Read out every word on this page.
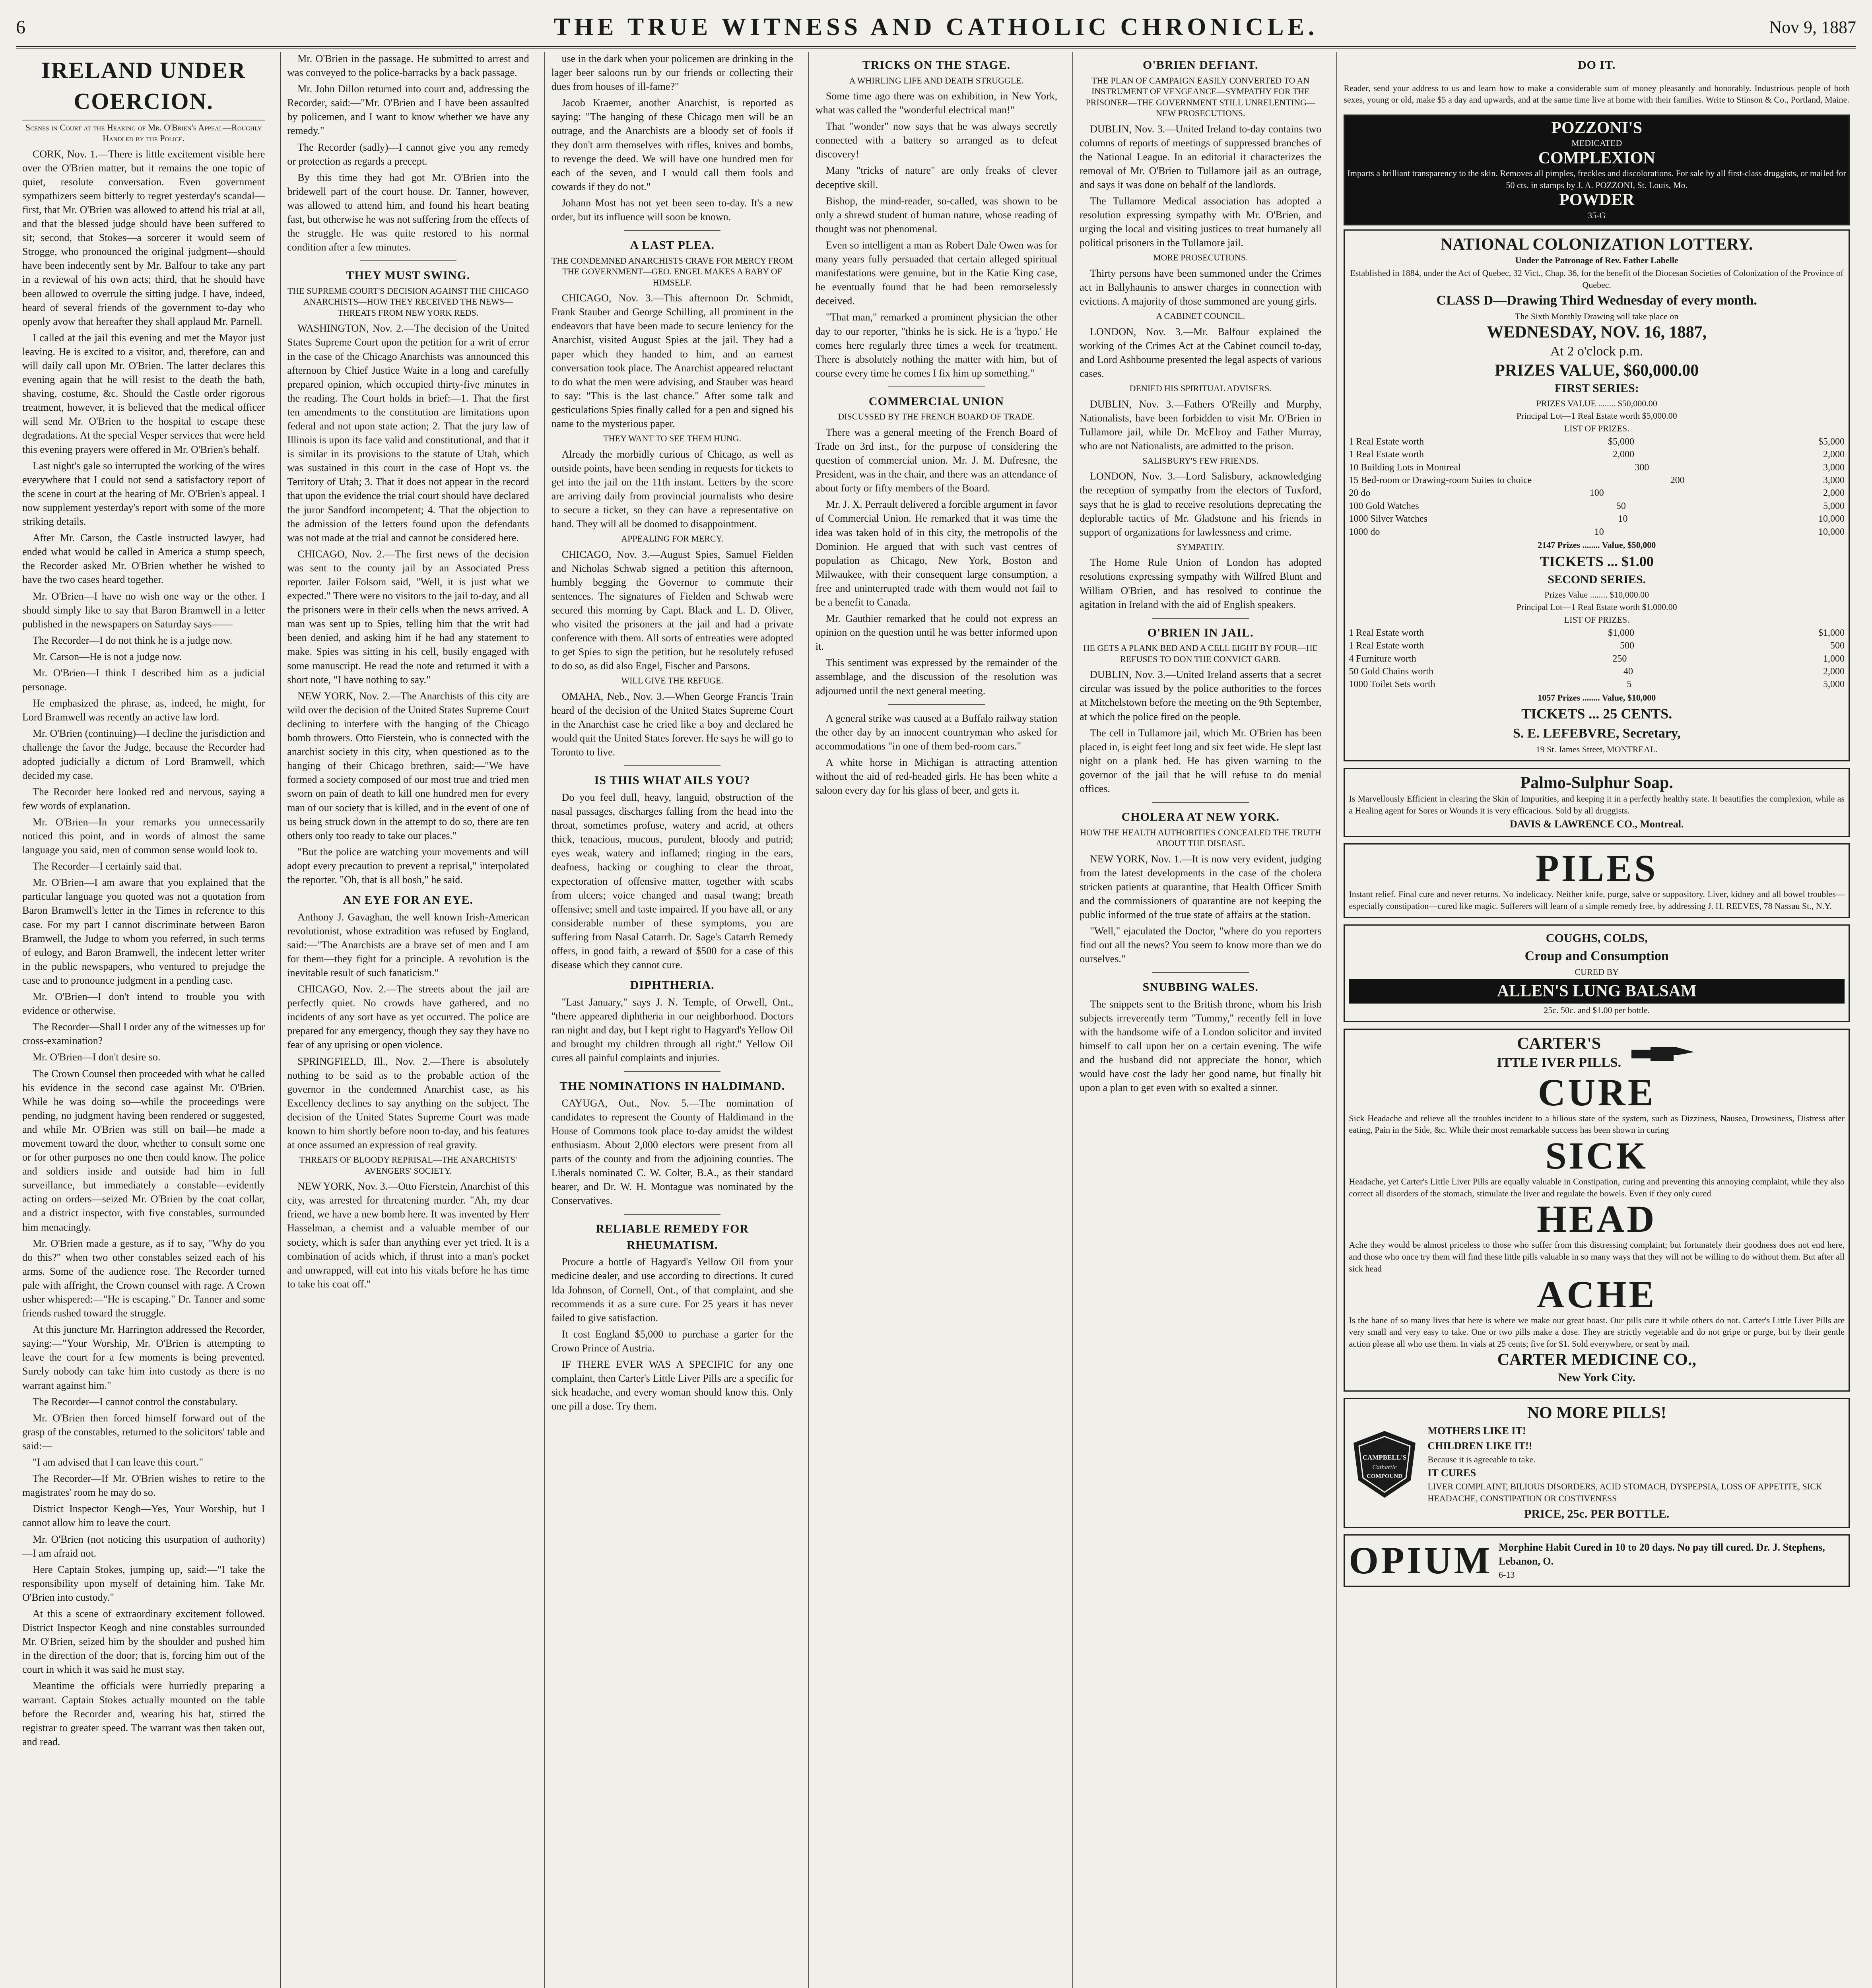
6	THE TRUE WITNESS AND CATHOLIC CHRONICLE.	Nov 9, 1887
IRELAND UNDER COERCION.
Scenes in Court at the Hearing of Mr. O'Brien's Appeal—Roughly Handled by the Police.

CORK, Nov. 1.—There is little excitement visible here over the O'Brien matter, but it remains the one topic of quiet, resolute conversation. Even government sympathizers seem bitterly to regret yesterday's scandal—first, that Mr. O'Brien was allowed to attend his trial at all, and that the blessed judge should have been suffered to sit; second, that Stokes—a sorcerer it would seem of Strogge, who pronounced the original judgment—should have been indecently sent by Mr. Balfour to take any part in a reviewal of his own acts; third, that he should have been allowed to overrule the sitting judge. I have, indeed, heard of several friends of the government to-day who openly avow that hereafter they shall applaud Mr. Parnell.

I called at the jail this evening and met the Mayor just leaving. He is excited to a visitor, and, therefore, can and will daily call upon Mr. O'Brien. The latter declares this evening again that he will resist to the death the bath, shaving, costume, &c. Should the Castle order rigorous treatment, however, it is believed that the medical officer will send Mr. O'Brien to the hospital to escape these degradations. At the special Vesper services that were held this evening prayers were offered in Mr. O'Brien's behalf.

Last night's gale so interrupted the working of the wires everywhere that I could not send a satisfactory report of the scene in court at the hearing of Mr. O'Brien's appeal. I now supplement yesterday's report with some of the more striking details.

After Mr. Carson, the Castle instructed lawyer, had ended what would be called in America a stump speech, the Recorder asked Mr. O'Brien whether he wished to have the two cases heard together.

Mr. O'Brien—I have no wish one way or the other. I should simply like to say that Baron Bramwell in a letter published in the newspapers on Saturday says——

The Recorder—I do not think he is a judge now.

Mr. Carson—He is not a judge now.

Mr. O'Brien—I think I described him as a judicial personage.

He emphasized the phrase, as, indeed, he might, for Lord Bramwell was recently an active law lord.

Mr. O'Brien (continuing)—I decline the jurisdiction and challenge the favor the Judge, because the Recorder had adopted judicially a dictum of Lord Bramwell, which decided my case.

The Recorder here looked red and nervous, saying a few words of explanation.

Mr. O'Brien—In your remarks you unnecessarily noticed this point, and in words of almost the same language you said, men of common sense would look to.

The Recorder—I certainly said that.

Mr. O'Brien—I am aware that you explained that the particular language you quoted was not a quotation from Baron Bramwell's letter in the Times in reference to this case. For my part I cannot discriminate between Baron Bramwell, the Judge to whom you referred, in such terms of eulogy, and Baron Bramwell, the indecent letter writer in the public newspapers, who ventured to prejudge the case and to pronounce judgment in a pending case.

Mr. O'Brien—I don't intend to trouble you with evidence or otherwise.

The Recorder—Shall I order any of the witnesses up for cross-examination?

Mr. O'Brien—I don't desire so.

The Crown Counsel then proceeded with what he called his evidence in the second case against Mr. O'Brien. While he was doing so—while the proceedings were pending, no judgment having been rendered or suggested, and while Mr. O'Brien was still on bail—he made a movement toward the door, whether to consult some one or for other purposes no one then could know. The police and soldiers inside and outside had him in full surveillance, but immediately a constable—evidently acting on orders—seized Mr. O'Brien by the coat collar, and a district inspector, with five constables, surrounded him menacingly.

Mr. O'Brien made a gesture, as if to say, "Why do you do this?" when two other constables seized each of his arms. Some of the audience rose. The Recorder turned pale with affright, the Crown counsel with rage. A Crown usher whispered:—"He is escaping." Dr. Tanner and some friends rushed toward the struggle.

At this juncture Mr. Harrington addressed the Recorder, saying:—"Your Worship, Mr. O'Brien is attempting to leave the court for a few moments is being prevented. Surely nobody can take him into custody as there is no warrant against him."

The Recorder—I cannot control the constabulary.

Mr. O'Brien then forced himself forward out of the grasp of the constables, returned to the solicitors' table and said:—

"I am advised that I can leave this court."

The Recorder—If Mr. O'Brien wishes to retire to the magistrates' room he may do so.

District Inspector Keogh—Yes, Your Worship, but I cannot allow him to leave the court.

Mr. O'Brien (not noticing this usurpation of authority)—I am afraid not.

Here Captain Stokes, jumping up, said:—"I take the responsibility upon myself of detaining him. Take Mr. O'Brien into custody."

At this a scene of extraordinary excitement followed. District Inspector Keogh and nine constables surrounded Mr. O'Brien, seized him by the shoulder and pushed him in the direction of the door; that is, forcing him out of the court in which it was said he must stay.

Meantime the officials were hurriedly preparing a warrant. Captain Stokes actually mounted on the table before the Recorder and, wearing his hat, stirred the registrar to greater speed. The warrant was then taken out, and read.

Mr. O'Brien in the passage. He submitted to arrest and was conveyed to the police-barracks by a back passage.

Mr. John Dillon returned into court and, addressing the Recorder, said:—"Mr. O'Brien and I have been assaulted by policemen, and I want to know whether we have any remedy."

The Recorder (sadly)—I cannot give you any remedy or protection as regards a precept.

By this time they had got Mr. O'Brien into the bridewell part of the court house. Dr. Tanner, however, was allowed to attend him, and found his heart beating fast, but otherwise he was not suffering from the effects of the struggle. He was quite restored to his normal condition after a few minutes.

THEY MUST SWING.
THE SUPREME COURT'S DECISION AGAINST THE CHICAGO ANARCHISTS—HOW THEY RECEIVED THE NEWS—THREATS FROM NEW YORK REDS.

WASHINGTON, Nov. 2.—The decision of the United States Supreme Court upon the petition for a writ of error in the case of the Chicago Anarchists was announced this afternoon by Chief Justice Waite in a long and carefully prepared opinion, which occupied thirty-five minutes in the reading. The Court holds in brief:—1. That the first ten amendments to the constitution are limitations upon federal and not upon state action; 2. That the jury law of Illinois is upon its face valid and constitutional, and that it is similar in its provisions to the statute of Utah, which was sustained in this court in the case of Hopt vs. the Territory of Utah; 3. That it does not appear in the record that upon the evidence the trial court should have declared the juror Sandford incompetent; 4. That the objection to the admission of the letters found upon the defendants was not made at the trial and cannot be considered here.

CHICAGO, Nov. 2.—The first news of the decision was sent to the county jail by an Associated Press reporter. Jailer Folsom said, "Well, it is just what we expected." There were no visitors to the jail to-day, and all the prisoners were in their cells when the news arrived. A man was sent up to Spies, telling him that the writ had been denied, and asking him if he had any statement to make. Spies was sitting in his cell, busily engaged with some manuscript. He read the note and returned it with a short note, "I have nothing to say."

NEW YORK, Nov. 2.—The Anarchists of this city are wild over the decision of the United States Supreme Court declining to interfere with the hanging of the Chicago bomb throwers. Otto Fierstein, who is connected with the anarchist society in this city, when questioned as to the hanging of their Chicago brethren, said:—"We have formed a society composed of our most true and tried men sworn on pain of death to kill one hundred men for every man of our society that is killed, and in the event of one of us being struck down in the attempt to do so, there are ten others only too ready to take our places."

"But the police are watching your movements and will adopt every precaution to prevent a reprisal," interpolated the reporter. "Oh, that is all bosh," he said.

AN EYE FOR AN EYE.

Anthony J. Gavaghan, the well known Irish-American revolutionist, whose extradition was refused by England, said:—"The Anarchists are a brave set of men and I am for them—they fight for a principle. A revolution is the inevitable result of such fanaticism."

CHICAGO, Nov. 2.—The streets about the jail are perfectly quiet. No crowds have gathered, and no incidents of any sort have as yet occurred. The police are prepared for any emergency, though they say they have no fear of any uprising or open violence.

SPRINGFIELD, Ill., Nov. 2.—There is absolutely nothing to be said as to the probable action of the governor in the condemned Anarchist case, as his Excellency declines to say anything on the subject. The decision of the United States Supreme Court was made known to him shortly before noon to-day, and his features at once assumed an expression of real gravity.

THREATS OF BLOODY REPRISAL—THE ANARCHISTS' AVENGERS' SOCIETY.

NEW YORK, Nov. 3.—Otto Fierstein, Anarchist of this city, was arrested for threatening murder. "Ah, my dear friend, we have a new bomb here. It was invented by Herr Hasselman, a chemist and a valuable member of our society, which is safer than anything ever yet tried. It is a combination of acids which, if thrust into a man's pocket and unwrapped, will eat into his vitals before he has time to take his coat off."

use in the dark when your policemen are drinking in the lager beer saloons run by our friends or collecting their dues from houses of ill-fame?"

Jacob Kraemer, another Anarchist, is reported as saying: "The hanging of these Chicago men will be an outrage, and the Anarchists are a bloody set of fools if they don't arm themselves with rifles, knives and bombs, to revenge the deed. We will have one hundred men for each of the seven, and I would call them fools and cowards if they do not."

Johann Most has not yet been seen to-day. It's a new order, but its influence will soon be known.

A LAST PLEA.
THE CONDEMNED ANARCHISTS CRAVE FOR MERCY FROM THE GOVERNMENT—GEO. ENGEL MAKES A BABY OF HIMSELF.

CHICAGO, Nov. 3.—This afternoon Dr. Schmidt, Frank Stauber and George Schilling, all prominent in the endeavors that have been made to secure leniency for the Anarchist, visited August Spies at the jail. They had a paper which they handed to him, and an earnest conversation took place. The Anarchist appeared reluctant to do what the men were advising, and Stauber was heard to say: "This is the last chance." After some talk and gesticulations Spies finally called for a pen and signed his name to the mysterious paper.

THEY WANT TO SEE THEM HUNG.

Already the morbidly curious of Chicago, as well as outside points, have been sending in requests for tickets to get into the jail on the 11th instant. Letters by the score are arriving daily from provincial journalists who desire to secure a ticket, so they can have a representative on hand. They will all be doomed to disappointment.

APPEALING FOR MERCY.

CHICAGO, Nov. 3.—August Spies, Samuel Fielden and Nicholas Schwab signed a petition this afternoon, humbly begging the Governor to commute their sentences. The signatures of Fielden and Schwab were secured this morning by Capt. Black and L. D. Oliver, who visited the prisoners at the jail and had a private conference with them. All sorts of entreaties were adopted to get Spies to sign the petition, but he resolutely refused to do so, as did also Engel, Fischer and Parsons.

WILL GIVE THE REFUGE.

OMAHA, Neb., Nov. 3.—When George Francis Train heard of the decision of the United States Supreme Court in the Anarchist case he cried like a boy and declared he would quit the United States forever. He says he will go to Toronto to live.

IS THIS WHAT AILS YOU?

Do you feel dull, heavy, languid, obstruction of the nasal passages, discharges falling from the head into the throat, sometimes profuse, watery and acrid, at others thick, tenacious, mucous, purulent, bloody and putrid; eyes weak, watery and inflamed; ringing in the ears, deafness, hacking or coughing to clear the throat, expectoration of offensive matter, together with scabs from ulcers; voice changed and nasal twang; breath offensive; smell and taste impaired. If you have all, or any considerable number of these symptoms, you are suffering from Nasal Catarrh. Dr. Sage's Catarrh Remedy offers, in good faith, a reward of $500 for a case of this disease which they cannot cure.

DIPHTHERIA.

"Last January," says J. N. Temple, of Orwell, Ont., "there appeared diphtheria in our neighborhood. Doctors ran night and day, but I kept right to Hagyard's Yellow Oil and brought my children through all right." Yellow Oil cures all painful complaints and injuries.

THE NOMINATIONS IN HALDIMAND.

CAYUGA, Out., Nov. 5.—The nomination of candidates to represent the County of Haldimand in the House of Commons took place to-day amidst the wildest enthusiasm. About 2,000 electors were present from all parts of the county and from the adjoining counties. The Liberals nominated C. W. Colter, B.A., as their standard bearer, and Dr. W. H. Montague was nominated by the Conservatives.

RELIABLE REMEDY FOR RHEUMATISM.

Procure a bottle of Hagyard's Yellow Oil from your medicine dealer, and use according to directions. It cured Ida Johnson, of Cornell, Ont., of that complaint, and she recommends it as a sure cure. For 25 years it has never failed to give satisfaction.

It cost England $5,000 to purchase a garter for the Crown Prince of Austria.

IF THERE EVER WAS A SPECIFIC for any one complaint, then Carter's Little Liver Pills are a specific for sick headache, and every woman should know this. Only one pill a dose. Try them.

TRICKS ON THE STAGE.
A WHIRLING LIFE AND DEATH STRUGGLE.

Some time ago there was on exhibition, in New York, what was called the "wonderful electrical man!"

That "wonder" now says that he was always secretly connected with a battery so arranged as to defeat discovery!

Many "tricks of nature" are only freaks of clever deceptive skill.

Bishop, the mind-reader, so-called, was shown to be only a shrewd student of human nature, whose reading of thought was not phenomenal.

Even so intelligent a man as Robert Dale Owen was for many years fully persuaded that certain alleged spiritual manifestations were genuine, but in the Katie King case, he eventually found that he had been remorselessly deceived.

"That man," remarked a prominent physician the other day to our reporter, "thinks he is sick. He is a 'hypo.' He comes here regularly three times a week for treatment. There is absolutely nothing the matter with him, but of course every time he comes I fix him up something."

COMMERCIAL UNION
DISCUSSED BY THE FRENCH BOARD OF TRADE.

There was a general meeting of the French Board of Trade on 3rd inst., for the purpose of considering the question of commercial union. Mr. J. M. Dufresne, the President, was in the chair, and there was an attendance of about forty or fifty members of the Board.

Mr. J. X. Perrault delivered a forcible argument in favor of Commercial Union. He remarked that it was time the idea was taken hold of in this city, the metropolis of the Dominion. He argued that with such vast centres of population as Chicago, New York, Boston and Milwaukee, with their consequent large consumption, a free and uninterrupted trade with them would not fail to be a benefit to Canada.

Mr. Gauthier remarked that he could not express an opinion on the question until he was better informed upon it.

This sentiment was expressed by the remainder of the assemblage, and the discussion of the resolution was adjourned until the next general meeting.

A general strike was caused at a Buffalo railway station the other day by an innocent countryman who asked for accommodations "in one of them bed-room cars."

A white horse in Michigan is attracting attention without the aid of red-headed girls. He has been white a saloon every day for his glass of beer, and gets it.

O'BRIEN DEFIANT.
THE PLAN OF CAMPAIGN EASILY CONVERTED TO AN INSTRUMENT OF VENGEANCE—SYMPATHY FOR THE PRISONER—THE GOVERNMENT STILL UNRELENTING—NEW PROSECUTIONS.

DUBLIN, Nov. 3.—United Ireland to-day contains two columns of reports of meetings of suppressed branches of the National League. In an editorial it characterizes the removal of Mr. O'Brien to Tullamore jail as an outrage, and says it was done on behalf of the landlords.

The Tullamore Medical association has adopted a resolution expressing sympathy with Mr. O'Brien, and urging the local and visiting justices to treat humanely all political prisoners in the Tullamore jail.

MORE PROSECUTIONS.

Thirty persons have been summoned under the Crimes act in Ballyhaunis to answer charges in connection with evictions. A majority of those summoned are young girls.

A CABINET COUNCIL.

LONDON, Nov. 3.—Mr. Balfour explained the working of the Crimes Act at the Cabinet council to-day, and Lord Ashbourne presented the legal aspects of various cases.

DENIED HIS SPIRITUAL ADVISERS.

DUBLIN, Nov. 3.—Fathers O'Reilly and Murphy, Nationalists, have been forbidden to visit Mr. O'Brien in Tullamore jail, while Dr. McElroy and Father Murray, who are not Nationalists, are admitted to the prison.

SALISBURY'S FEW FRIENDS.

LONDON, Nov. 3.—Lord Salisbury, acknowledging the reception of sympathy from the electors of Tuxford, says that he is glad to receive resolutions deprecating the deplorable tactics of Mr. Gladstone and his friends in support of organizations for lawlessness and crime.

SYMPATHY.

The Home Rule Union of London has adopted resolutions expressing sympathy with Wilfred Blunt and William O'Brien, and has resolved to continue the agitation in Ireland with the aid of English speakers.

O'BRIEN IN JAIL.
HE GETS A PLANK BED AND A CELL EIGHT BY FOUR—HE REFUSES TO DON THE CONVICT GARB.

DUBLIN, Nov. 3.—United Ireland asserts that a secret circular was issued by the police authorities to the forces at Mitchelstown before the meeting on the 9th September, at which the police fired on the people.

The cell in Tullamore jail, which Mr. O'Brien has been placed in, is eight feet long and six feet wide. He slept last night on a plank bed. He has given warning to the governor of the jail that he will refuse to do menial offices.

CHOLERA AT NEW YORK.
HOW THE HEALTH AUTHORITIES CONCEALED THE TRUTH ABOUT THE DISEASE.

NEW YORK, Nov. 1.—It is now very evident, judging from the latest developments in the case of the cholera stricken patients at quarantine, that Health Officer Smith and the commissioners of quarantine are not keeping the public informed of the true state of affairs at the station.

"Well," ejaculated the Doctor, "where do you reporters find out all the news? You seem to know more than we do ourselves."

SNUBBING WALES.

The snippets sent to the British throne, whom his Irish subjects irreverently term "Tummy," recently fell in love with the handsome wife of a London solicitor and invited himself to call upon her on a certain evening. The wife and the husband did not appreciate the honor, which would have cost the lady her good name, but finally hit upon a plan to get even with so exalted a sinner.

DO IT.

Reader, send your address to us and learn how to make a considerable sum of money pleasantly and honorably. Industrious people of both sexes, young or old, make $5 a day and upwards, and at the same time live at home with their families. Write to Stinson & Co., Portland, Maine.

POZZONI'S
MEDICATED
COMPLEXION
Imparts a brilliant transparency to the skin. Removes all pimples, freckles and discolorations. For sale by all first-class druggists, or mailed for 50 cts. in stamps by J. A. POZZONI, St. Louis, Mo.
POWDER
35-G

NATIONAL COLONIZATION LOTTERY.

Under the Patronage of Rev. Father Labelle

Established in 1884, under the Act of Quebec, 32 Vict., Chap. 36, for the benefit of the Diocesan Societies of Colonization of the Province of Quebec.

CLASS D—Drawing Third Wednesday of every month.

The Sixth Monthly Drawing will take place on

WEDNESDAY, NOV. 16, 1887,

At 2 o'clock p.m.

PRIZES VALUE, $60,000.00

FIRST SERIES:

PRIZES VALUE ........ $50,000.00

Principal Lot—1 Real Estate worth $5,000.00

LIST OF PRIZES.

1 Real Estate worth	$5,000	$5,000
1 Real Estate worth	2,000	2,000
10 Building Lots in Montreal	300	3,000
15 Bed-room or Drawing-room Suites to choice	200	3,000
20 do	100	2,000
100 Gold Watches	50	5,000
1000 Silver Watches	10	10,000
1000 do	10	10,000

2147 Prizes ........ Value, $50,000

TICKETS ... $1.00

SECOND SERIES.

Prizes Value ........ $10,000.00

Principal Lot—1 Real Estate worth $1,000.00

LIST OF PRIZES.

1 Real Estate worth	$1,000	$1,000
1 Real Estate worth	500	500
4 Furniture worth	250	1,000
50 Gold Chains worth	40	2,000
1000 Toilet Sets worth	5	5,000

1057 Prizes ........ Value, $10,000

TICKETS ... 25 CENTS.

S. E. LEFEBVRE, Secretary,

19 St. James Street, MONTREAL.

Palmo-Sulphur Soap.

Is Marvellously Efficient in clearing the Skin of Impurities, and keeping it in a perfectly healthy state. It beautifies the complexion, while as a Healing agent for Sores or Wounds it is very efficacious. Sold by all druggists.

DAVIS & LAWRENCE CO., Montreal.

PILES

Instant relief. Final cure and never returns. No indelicacy. Neither knife, purge, salve or suppository. Liver, kidney and all bowel troubles—especially constipation—cured like magic. Sufferers will learn of a simple remedy free, by addressing J. H. REEVES, 78 Nassau St., N.Y.

COUGHS, COLDS,

Croup and Consumption

CURED BY

ALLEN'S LUNG BALSAM

25c. 50c. and $1.00 per bottle.

CARTER'S

ITTLE IVER PILLS.

CURE

Sick Headache and relieve all the troubles incident to a bilious state of the system, such as Dizziness, Nausea, Drowsiness, Distress after eating, Pain in the Side, &c. While their most remarkable success has been shown in curing

SICK

Headache, yet Carter's Little Liver Pills are equally valuable in Constipation, curing and preventing this annoying complaint, while they also correct all disorders of the stomach, stimulate the liver and regulate the bowels. Even if they only cured

HEAD

Ache they would be almost priceless to those who suffer from this distressing complaint; but fortunately their goodness does not end here, and those who once try them will find these little pills valuable in so many ways that they will not be willing to do without them. But after all sick head

ACHE

Is the bane of so many lives that here is where we make our great boast. Our pills cure it while others do not. Carter's Little Liver Pills are very small and very easy to take. One or two pills make a dose. They are strictly vegetable and do not gripe or purge, but by their gentle action please all who use them. In vials at 25 cents; five for $1. Sold everywhere, or sent by mail.

CARTER MEDICINE CO.,

New York City.

NO MORE PILLS!

CAMPBELL'S
Cathartic
COMPOUND

MOTHERS LIKE IT!

CHILDREN LIKE IT!!

Because it is agreeable to take.

IT CURES

LIVER COMPLAINT, BILIOUS DISORDERS, ACID STOMACH, DYSPEPSIA, LOSS OF APPETITE, SICK HEADACHE, CONSTIPATION OR COSTIVENESS

PRICE, 25c. PER BOTTLE.

OPIUM Morphine Habit Cured in 10 to 20 days. No pay till cured. Dr. J. Stephens, Lebanon, O.

6-13
